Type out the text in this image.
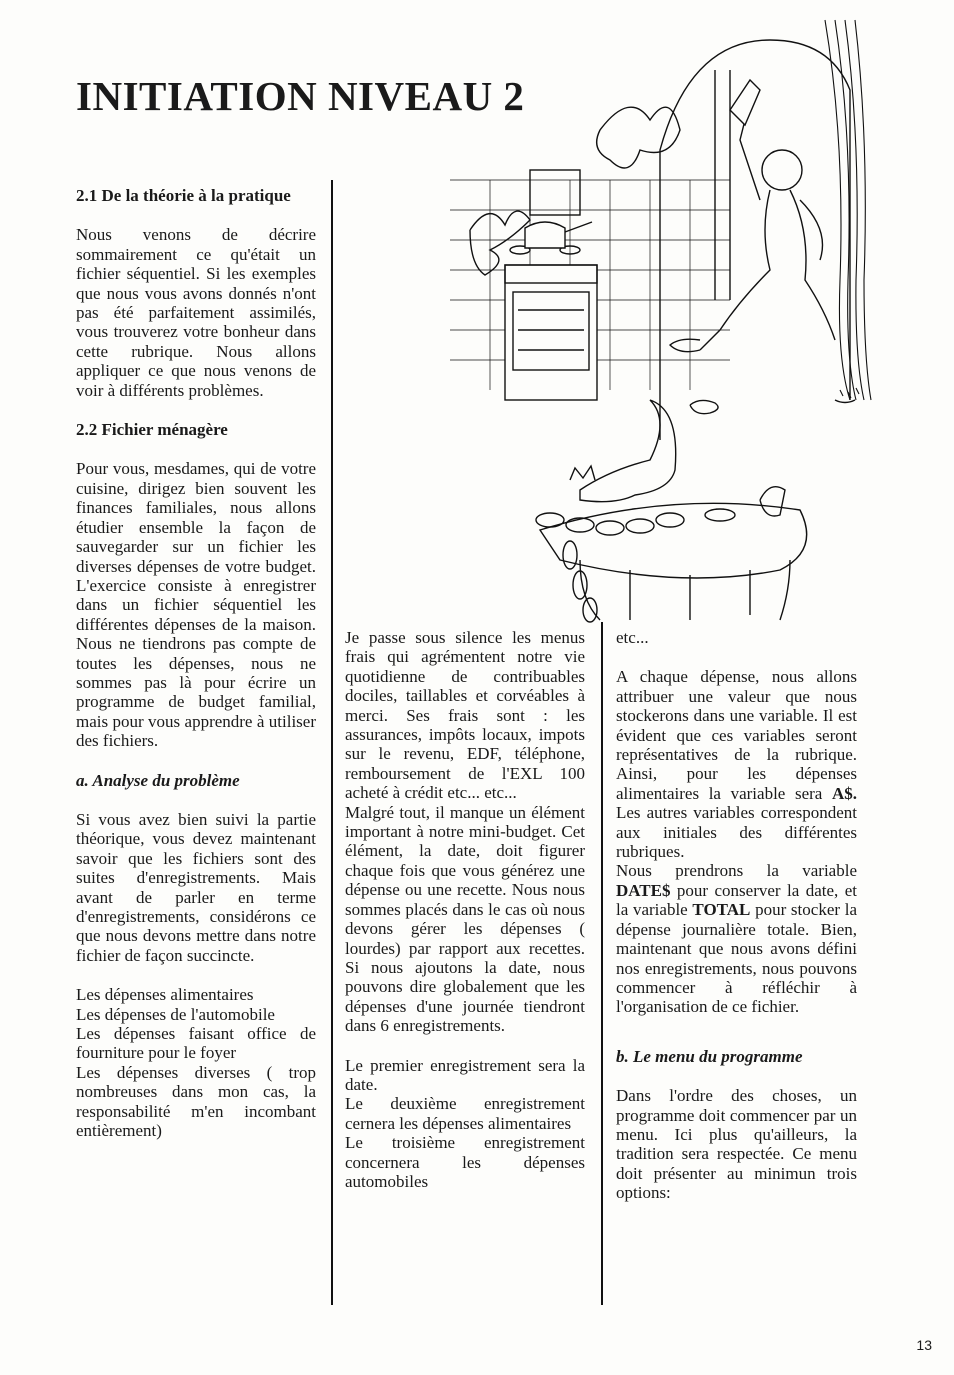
INITIATION NIVEAU 2

2.1 De la théorie à la pratique

Nous venons de décrire sommairement ce qu'était un fichier séquentiel. Si les exemples que nous vous avons donnés n'ont pas été parfaitement assimilés, vous trouverez votre bonheur dans cette rubrique. Nous allons appliquer ce que nous venons de voir à différents problèmes.

2.2 Fichier ménagère

Pour vous, mesdames, qui de votre cuisine, dirigez bien souvent les finances familiales, nous allons étudier ensemble la façon de sauvegarder sur un fichier les diverses dépenses de votre budget. L'exercice consiste à enregistrer dans un fichier séquentiel les différentes dépenses de la maison. Nous ne tiendrons pas compte de toutes les dépenses, nous ne sommes pas là pour écrire un programme de budget familial, mais pour vous apprendre à utiliser des fichiers.

a. Analyse du problème

Si vous avez bien suivi la partie théorique, vous devez maintenant savoir que les fichiers sont des suites d'enregistrements. Mais avant de parler en terme d'enregistrements, considérons ce que nous devons mettre dans notre fichier de façon succincte.

Les dépenses alimentaires

Les dépenses de l'automobile

Les dépenses faisant office de fourniture pour le foyer

Les dépenses diverses ( trop nombreuses dans mon cas, la responsabilité m'en incombant entièrement)

Je passe sous silence les menus frais qui agrémentent notre vie quotidienne de contribuables dociles, taillables et corvéables à merci. Ses frais sont : les assurances, impôts locaux, impots sur le revenu, EDF, téléphone, remboursement de l'EXL 100 acheté à crédit etc... etc...

Malgré tout, il manque un élément important à notre mini-budget. Cet élément, la date, doit figurer chaque fois que vous générez une dépense ou une recette. Nous nous sommes placés dans le cas où nous devons gérer les dépenses ( lourdes) par rapport aux recettes. Si nous ajoutons la date, nous pouvons dire globalement que les dépenses d'une journée tiendront dans 6 enregistrements.

Le premier enregistrement sera la date.

Le deuxième enregistrement cernera les dépenses alimentaires

Le troisième enregistrement concernera les dépenses automobiles

etc...

A chaque dépense, nous allons attribuer une valeur que nous stockerons dans une variable. Il est évident que ces variables seront représentatives de la rubrique. Ainsi, pour les dépenses alimentaires la variable sera A$. Les autres variables correspondent aux initiales des différentes rubriques.

Nous prendrons la variable DATE$ pour conserver la date, et la variable TOTAL pour stocker la dépense journalière totale. Bien, maintenant que nous avons défini nos enregistrements, nous pouvons commencer à réfléchir à l'organisation de ce fichier.

b. Le menu du programme

Dans l'ordre des choses, un programme doit commencer par un menu. Ici plus qu'ailleurs, la tradition sera respectée. Ce menu doit présenter au minimun trois options:

13
